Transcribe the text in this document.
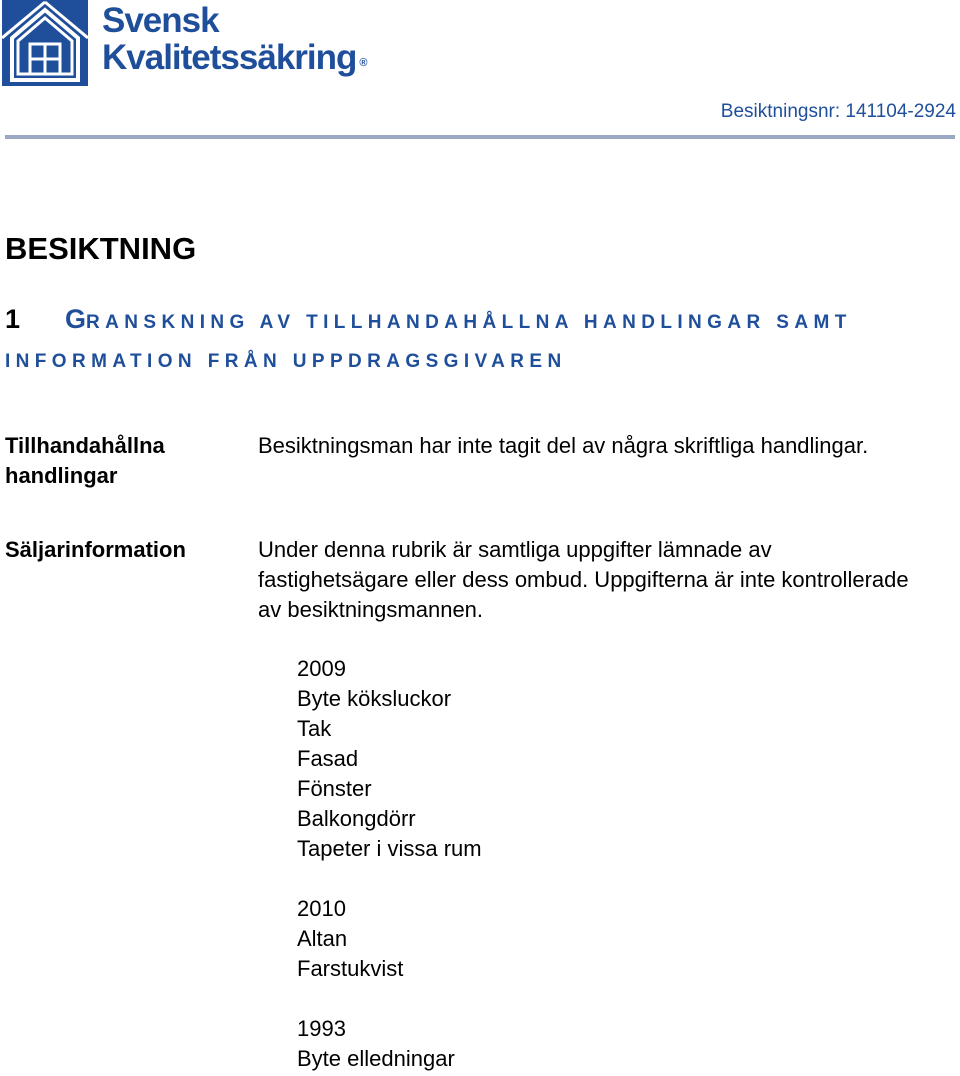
Svensk
Kvalitetssäkring ®
Besiktningsnr: 141104-2924
BESIKTNING
1 GRANSKNING AV TILLHANDAHÅLLNA HANDLINGAR SAMT
INFORMATION FRÅN UPPDRAGSGIVAREN
Tillhandahållna
handlingar
Besiktningsman har inte tagit del av några skriftliga handlingar.
Säljarinformation	Under denna rubrik är samtliga uppgifter lämnade av fastighetsägare eller dess ombud. Uppgifterna är inte kontrollerade av besiktningsmannen.
2009
Byte köksluckor
Tak
Fasad
Fönster
Balkongdörr
Tapeter i vissa rum
2010
Altan
Farstukvist
1993
Byte elledningar
